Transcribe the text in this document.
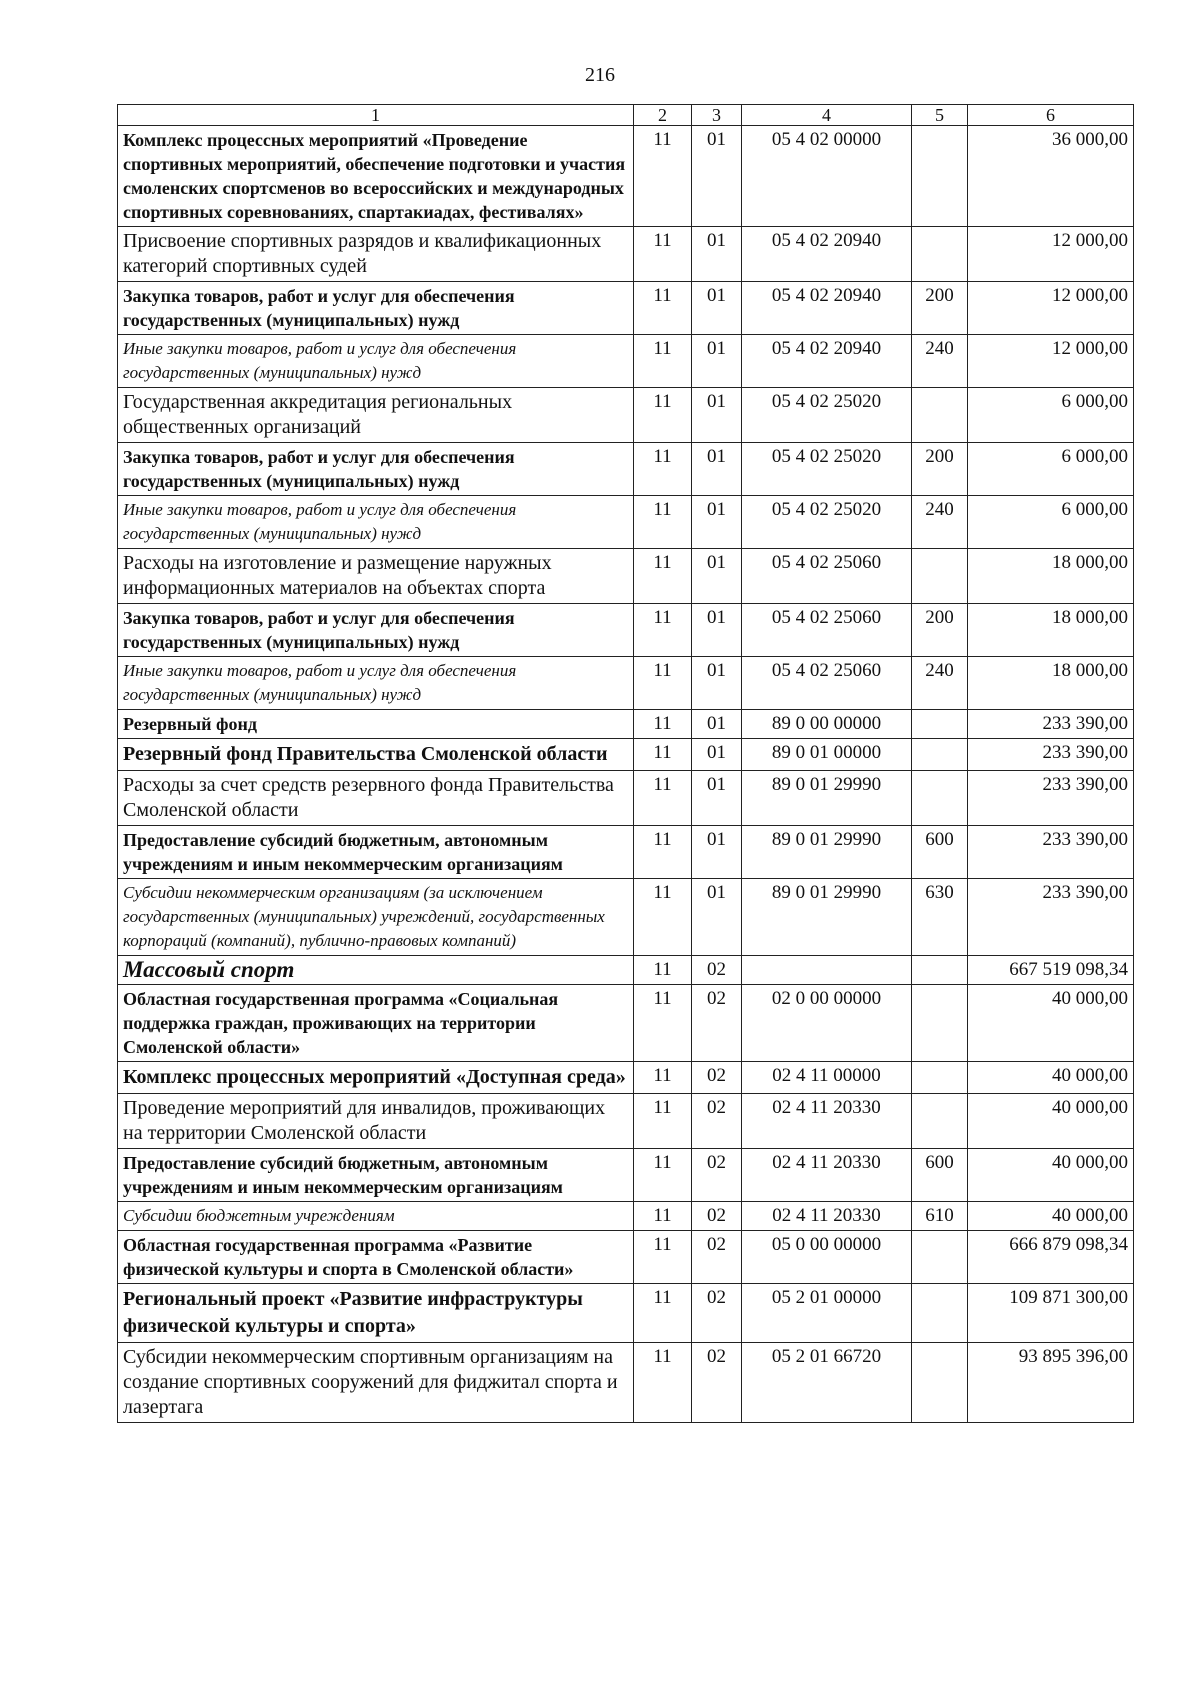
216
1	2	3	4	5	6
Комплекс процессных мероприятий «Проведение спортивных мероприятий, обеспечение подготовки и участия смоленских спортсменов во всероссийских и международных спортивных соревнованиях, спартакиадах, фестивалях»	11	01	05 4 02 00000		36 000,00
Присвоение спортивных разрядов и квалификационных категорий спортивных судей	11	01	05 4 02 20940		12 000,00
Закупка товаров, работ и услуг для обеспечения государственных (муниципальных) нужд	11	01	05 4 02 20940	200	12 000,00
Иные закупки товаров, работ и услуг для обеспечения государственных (муниципальных) нужд	11	01	05 4 02 20940	240	12 000,00
Государственная аккредитация региональных общественных организаций	11	01	05 4 02 25020		6 000,00
Закупка товаров, работ и услуг для обеспечения государственных (муниципальных) нужд	11	01	05 4 02 25020	200	6 000,00
Иные закупки товаров, работ и услуг для обеспечения государственных (муниципальных) нужд	11	01	05 4 02 25020	240	6 000,00
Расходы на изготовление и размещение наружных информационных материалов на объектах спорта	11	01	05 4 02 25060		18 000,00
Закупка товаров, работ и услуг для обеспечения государственных (муниципальных) нужд	11	01	05 4 02 25060	200	18 000,00
Иные закупки товаров, работ и услуг для обеспечения государственных (муниципальных) нужд	11	01	05 4 02 25060	240	18 000,00
Резервный фонд	11	01	89 0 00 00000		233 390,00
Резервный фонд Правительства Смоленской области	11	01	89 0 01 00000		233 390,00
Расходы за счет средств резервного фонда Правительства Смоленской области	11	01	89 0 01 29990		233 390,00
Предоставление субсидий бюджетным, автономным учреждениям и иным некоммерческим организациям	11	01	89 0 01 29990	600	233 390,00
Субсидии некоммерческим организациям (за исключением государственных (муниципальных) учреждений, государственных корпораций (компаний), публично-правовых компаний)	11	01	89 0 01 29990	630	233 390,00
Массовый спорт	11	02			667 519 098,34
Областная государственная программа «Социальная поддержка граждан, проживающих на территории Смоленской области»	11	02	02 0 00 00000		40 000,00
Комплекс процессных мероприятий «Доступная среда»	11	02	02 4 11 00000		40 000,00
Проведение мероприятий для инвалидов, проживающих на территории Смоленской области	11	02	02 4 11 20330		40 000,00
Предоставление субсидий бюджетным, автономным учреждениям и иным некоммерческим организациям	11	02	02 4 11 20330	600	40 000,00
Субсидии бюджетным учреждениям	11	02	02 4 11 20330	610	40 000,00
Областная государственная программа «Развитие физической культуры и спорта в Смоленской области»	11	02	05 0 00 00000		666 879 098,34
Региональный проект «Развитие инфраструктуры физической культуры и спорта»	11	02	05 2 01 00000		109 871 300,00
Субсидии некоммерческим спортивным организациям на создание спортивных сооружений для фиджитал спорта и лазертага	11	02	05 2 01 66720		93 895 396,00
